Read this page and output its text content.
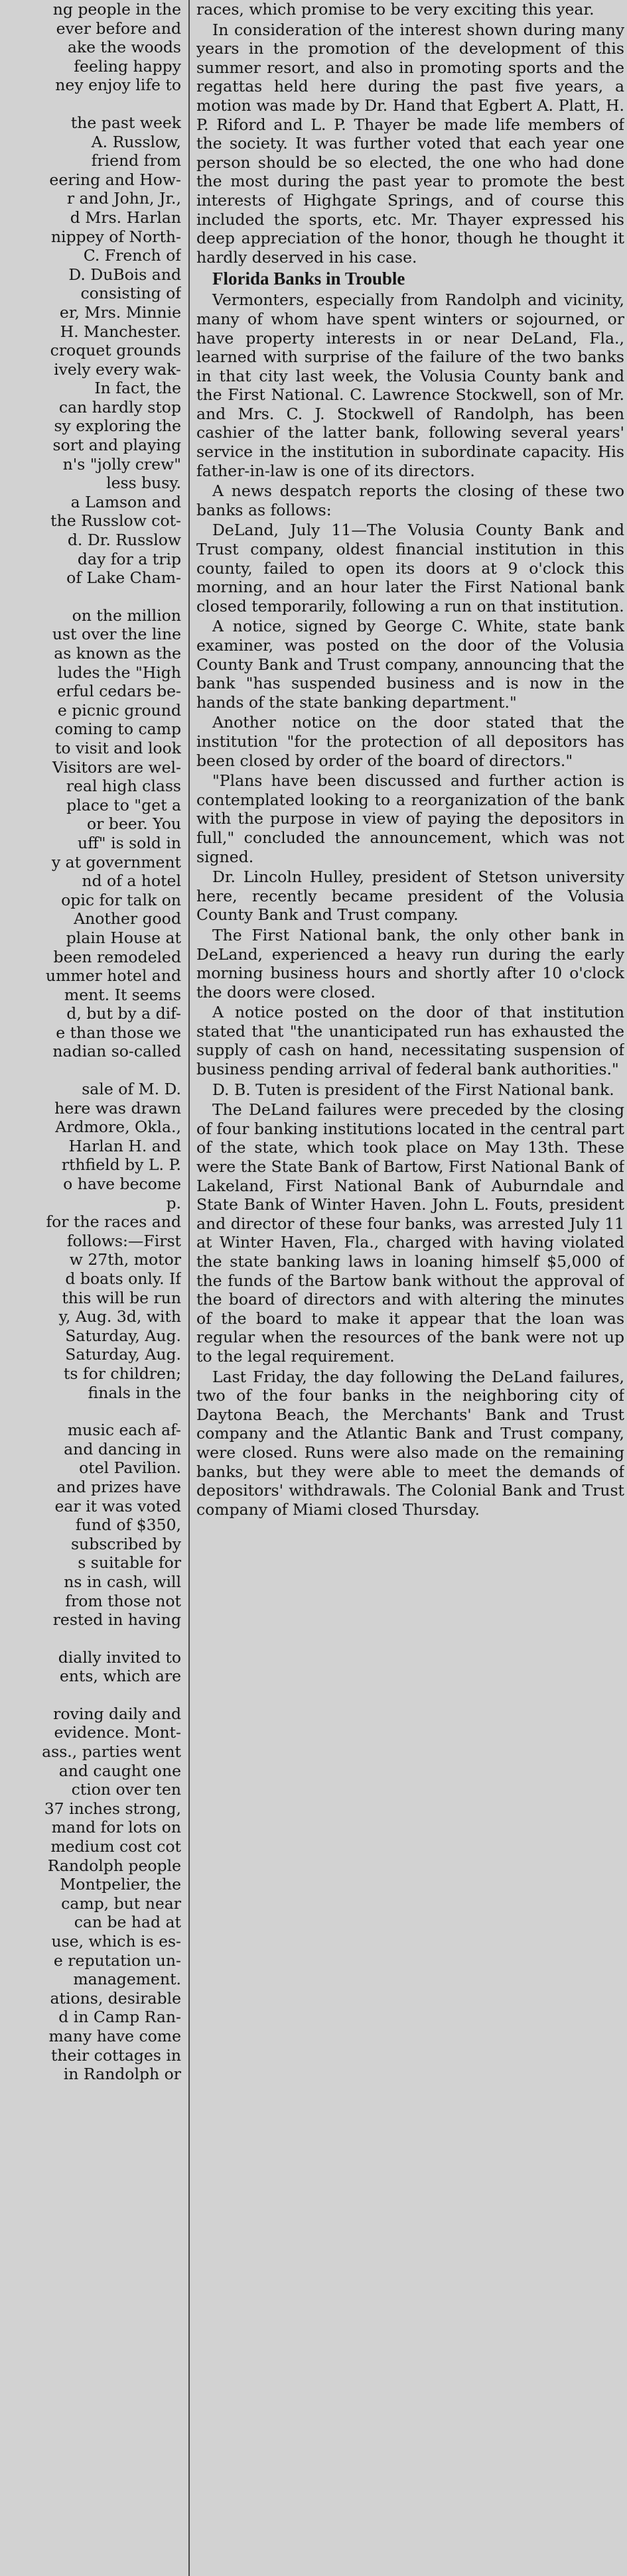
ng people in the

ever before and

ake the woods

feeling happy

ney enjoy life to

the past week

A. Russlow,

friend from

eering and How-

r and John, Jr.,

d Mrs. Harlan

nippey of North-

C. French of

D. DuBois and

consisting of

er, Mrs. Minnie

H. Manchester.

croquet grounds

ively every wak-

In fact, the

can hardly stop

sy exploring the

sort and playing

n's "jolly crew"

less busy.

a Lamson and

the Russlow cot-

d. Dr. Russlow

day for a trip

of Lake Cham-

on the million

ust over the line

as known as the

ludes the "High

erful cedars be-

e picnic ground

coming to camp

to visit and look

Visitors are wel-

real high class

place to "get a

or beer. You

uff" is sold in

y at government

nd of a hotel

opic for talk on

Another good

plain House at

been remodeled

ummer hotel and

ment. It seems

d, but by a dif-

e than those we

nadian so-called

sale of M. D.

here was drawn

Ardmore, Okla.,

Harlan H. and

rthfield by L. P.

o have become

p.

for the races and

follows:—First

w 27th, motor

d boats only. If

this will be run

y, Aug. 3d, with

Saturday, Aug.

Saturday, Aug.

ts for children;

finals in the

music each af-

and dancing in

otel Pavilion.

and prizes have

ear it was voted

fund of $350,

subscribed by

s suitable for

ns in cash, will

from those not

rested in having

dially invited to

ents, which are

roving daily and

evidence. Mont-

ass., parties went

and caught one

ction over ten

37 inches strong,

mand for lots on

medium cost cot

Randolph people

Montpelier, the

camp, but near

can be had at

use, which is es-

e reputation un-

management.

ations, desirable

d in Camp Ran-

many have come

their cottages in

in Randolph or

races, which promise to be very exciting this year.

In consideration of the interest shown during many years in the promotion of the development of this summer resort, and also in promoting sports and the regattas held here during the past five years, a motion was made by Dr. Hand that Egbert A. Platt, H. P. Riford and L. P. Thayer be made life members of the society. It was further voted that each year one person should be so elected, the one who had done the most during the past year to promote the best interests of Highgate Springs, and of course this included the sports, etc. Mr. Thayer expressed his deep appreciation of the honor, though he thought it hardly deserved in his case.

Florida Banks in Trouble

Vermonters, especially from Randolph and vicinity, many of whom have spent winters or sojourned, or have property interests in or near DeLand, Fla., learned with surprise of the failure of the two banks in that city last week, the Volusia County bank and the First National. C. Lawrence Stockwell, son of Mr. and Mrs. C. J. Stockwell of Randolph, has been cashier of the latter bank, following several years' service in the institution in subordinate capacity. His father-in-law is one of its directors.

A news despatch reports the closing of these two banks as follows:

DeLand, July 11—The Volusia County Bank and Trust company, oldest financial institution in this county, failed to open its doors at 9 o'clock this morning, and an hour later the First National bank closed temporarily, following a run on that institution.

A notice, signed by George C. White, state bank examiner, was posted on the door of the Volusia County Bank and Trust company, announcing that the bank "has suspended business and is now in the hands of the state banking department."

Another notice on the door stated that the institution "for the protection of all depositors has been closed by order of the board of directors."

"Plans have been discussed and further action is contemplated looking to a reorganization of the bank with the purpose in view of paying the depositors in full," concluded the announcement, which was not signed.

Dr. Lincoln Hulley, president of Stetson university here, recently became president of the Volusia County Bank and Trust company.

The First National bank, the only other bank in DeLand, experienced a heavy run during the early morning business hours and shortly after 10 o'clock the doors were closed.

A notice posted on the door of that institution stated that "the unanticipated run has exhausted the supply of cash on hand, necessitating suspension of business pending arrival of federal bank authorities."

D. B. Tuten is president of the First National bank.

The DeLand failures were preceded by the closing of four banking institutions located in the central part of the state, which took place on May 13th. These were the State Bank of Bartow, First National Bank of Lakeland, First National Bank of Auburndale and State Bank of Winter Haven. John L. Fouts, president and director of these four banks, was arrested July 11 at Winter Haven, Fla., charged with having violated the state banking laws in loaning himself $5,000 of the funds of the Bartow bank without the approval of the board of directors and with altering the minutes of the board to make it appear that the loan was regular when the resources of the bank were not up to the legal requirement.

Last Friday, the day following the DeLand failures, two of the four banks in the neighboring city of Daytona Beach, the Merchants' Bank and Trust company and the Atlantic Bank and Trust company, were closed. Runs were also made on the remaining banks, but they were able to meet the demands of depositors' withdrawals. The Colonial Bank and Trust company of Miami closed Thursday.
